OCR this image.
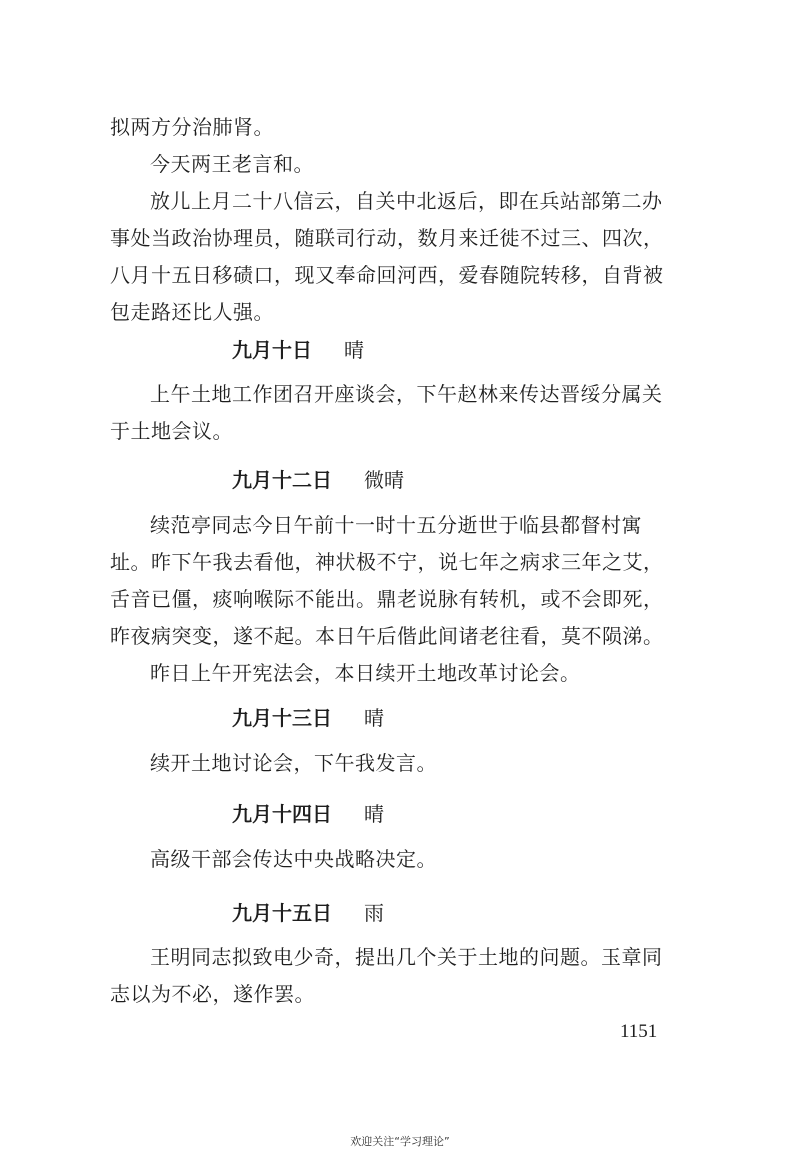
拟两方分治肺肾。

今天两王老言和。

放儿上月二十八信云，自关中北返后，即在兵站部第二办事处当政治协理员，随联司行动，数月来迁徙不过三、四次，八月十五日移碛口，现又奉命回河西，爱春随院转移，自背被包走路还比人强。

九月十日 晴

上午土地工作团召开座谈会，下午赵林来传达晋绥分属关于土地会议。

九月十二日 微晴

续范亭同志今日午前十一时十五分逝世于临县都督村寓址。昨下午我去看他，神状极不宁，说七年之病求三年之艾，舌音已僵，痰响喉际不能出。鼎老说脉有转机，或不会即死，昨夜病突变，遂不起。本日午后偕此间诸老往看，莫不陨涕。

昨日上午开宪法会，本日续开土地改革讨论会。

九月十三日 晴

续开土地讨论会，下午我发言。

九月十四日 晴

高级干部会传达中央战略决定。

九月十五日 雨

王明同志拟致电少奇，提出几个关于土地的问题。玉章同志以为不必，遂作罢。

1151
欢迎关注“学习理论”
